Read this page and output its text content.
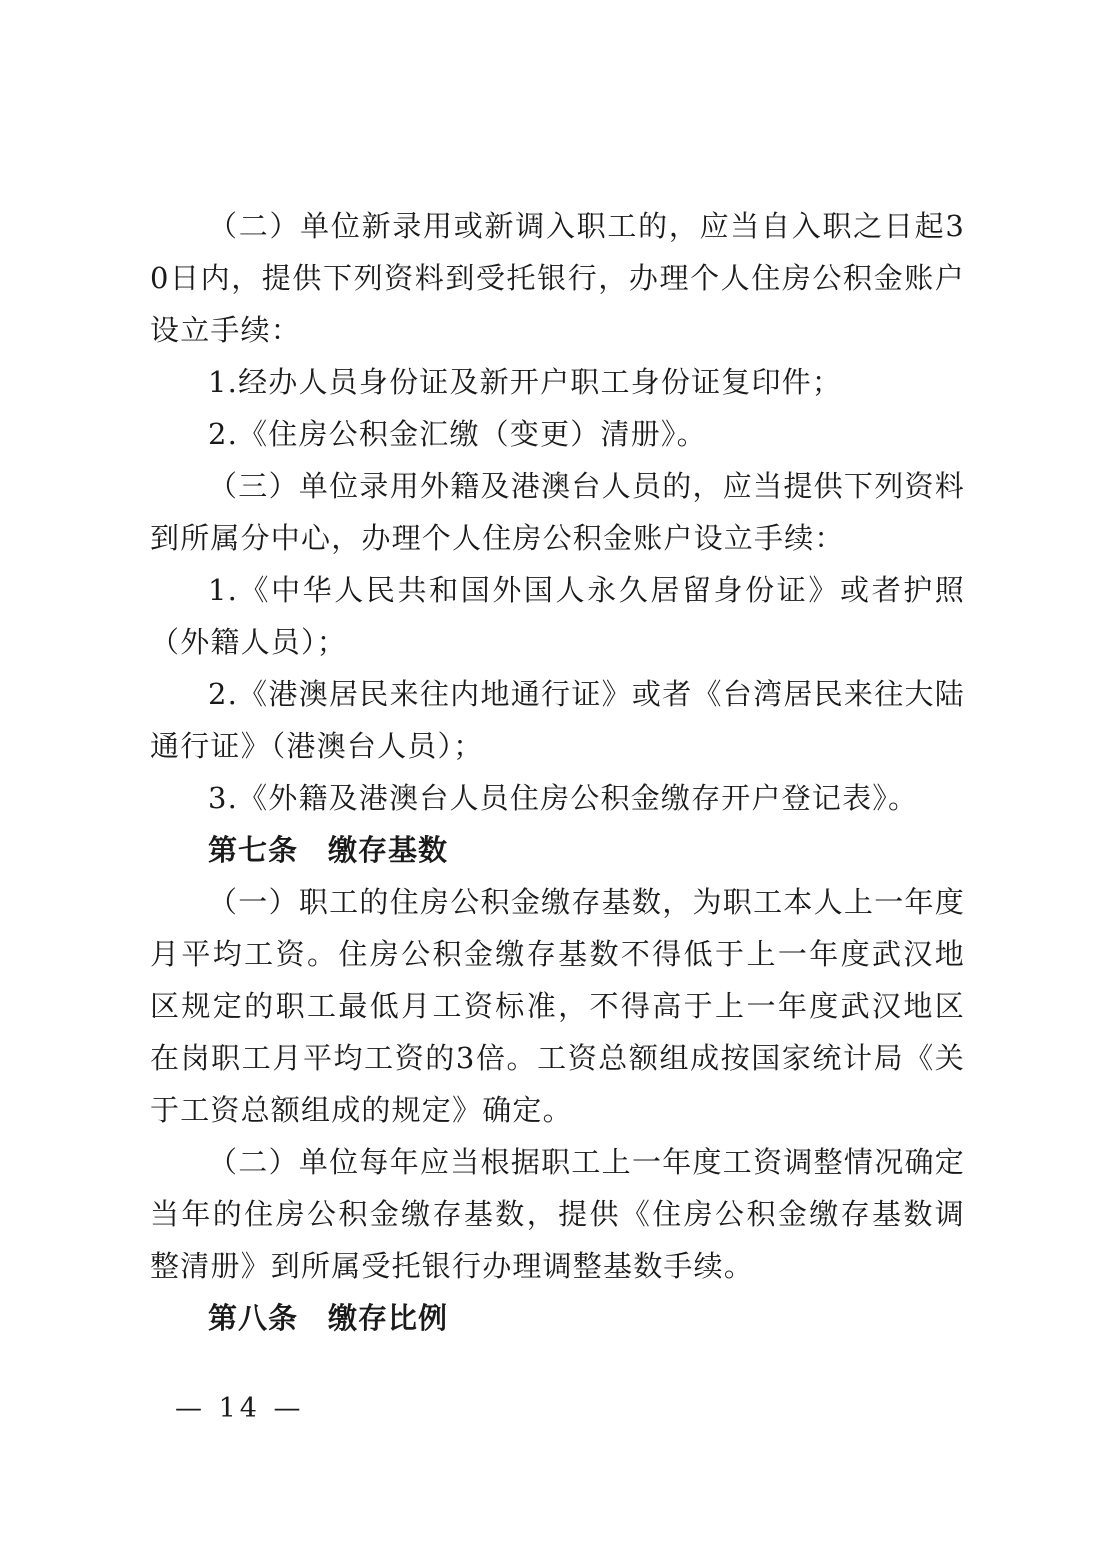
（二）单位新录用或新调入职工的，应当自入职之日起30日内，提供下列资料到受托银行，办理个人住房公积金账户设立手续：

1.经办人员身份证及新开户职工身份证复印件；

2.《住房公积金汇缴（变更）清册》。

（三）单位录用外籍及港澳台人员的，应当提供下列资料到所属分中心，办理个人住房公积金账户设立手续：

1.《中华人民共和国外国人永久居留身份证》或者护照（外籍人员）；

2.《港澳居民来往内地通行证》或者《台湾居民来往大陆通行证》（港澳台人员）；

3.《外籍及港澳台人员住房公积金缴存开户登记表》。

第七条　缴存基数

（一）职工的住房公积金缴存基数，为职工本人上一年度月平均工资。住房公积金缴存基数不得低于上一年度武汉地区规定的职工最低月工资标准，不得高于上一年度武汉地区在岗职工月平均工资的3倍。工资总额组成按国家统计局《关于工资总额组成的规定》确定。

（二）单位每年应当根据职工上一年度工资调整情况确定当年的住房公积金缴存基数，提供《住房公积金缴存基数调整清册》到所属受托银行办理调整基数手续。

第八条　缴存比例

— 14 —
